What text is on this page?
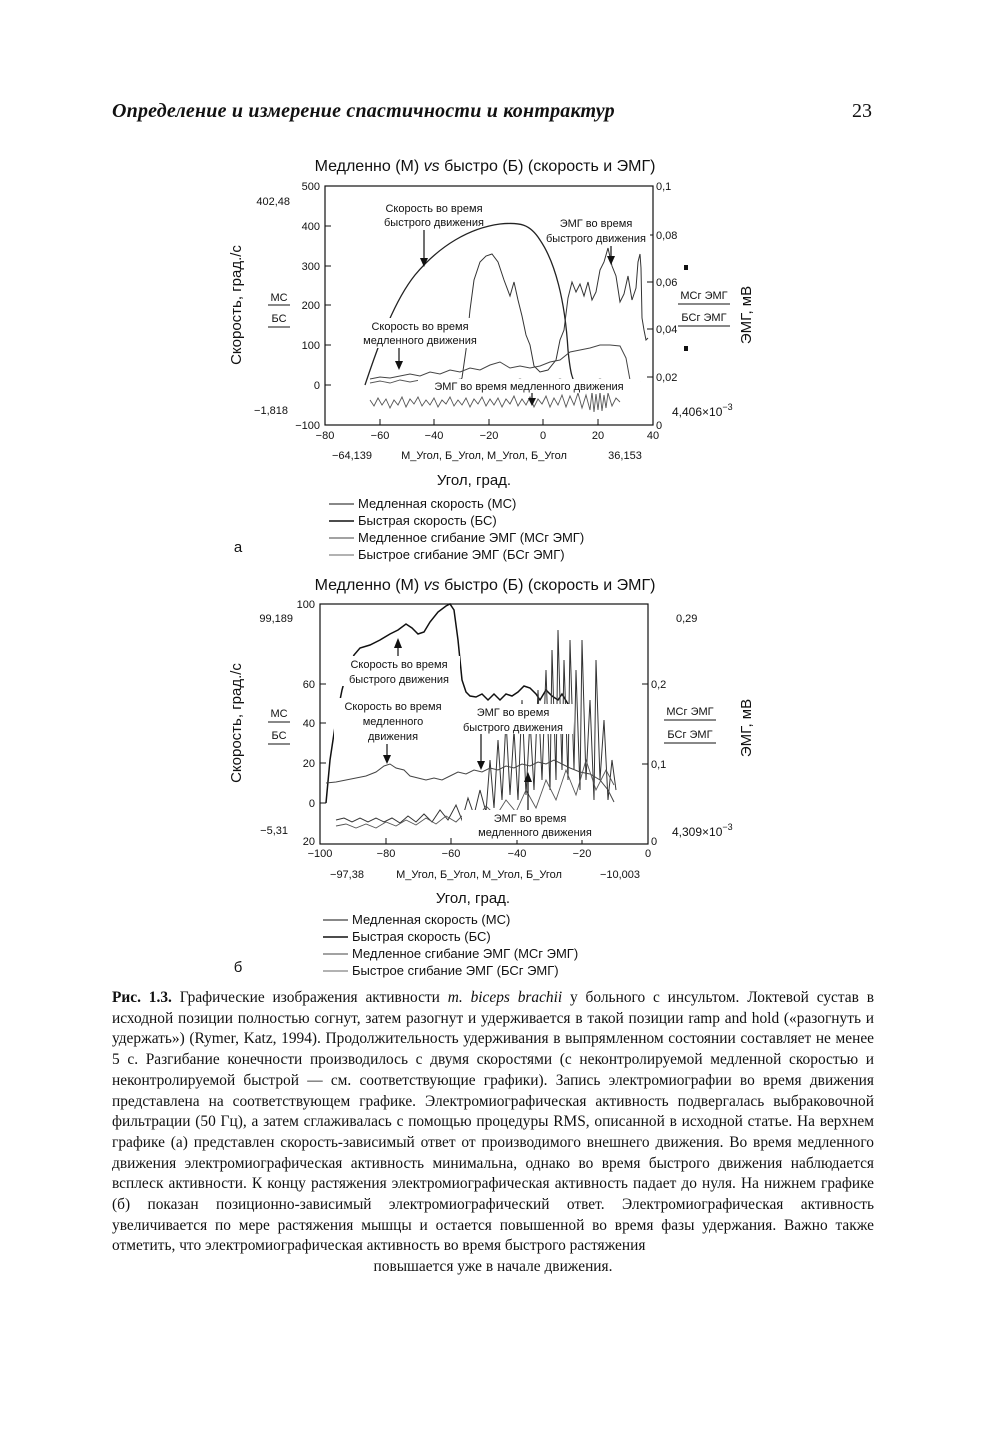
Определение и измерение спастичности и контрактур	23
Медленно (М) vs быстро (Б) (скорость и ЭМГ)
500
400
300
200
100
0
−100
402,48
−1,818
0,1
0,08
0,06
0,04
0,02
0
$4,406\times 10^{-3}$
−80	−60	−40	−20	0	20	40
−64,139	М_Угол, Б_Угол, М_Угол, Б_Угол	36,153
Угол, град.
Скорость, град./с МС
БС	ЭМГ, мВ
МСг ЭМГ
БСг ЭМГ
Скорость во время
быстрого движения	ЭМГ во время
быстрого движения
Скорость во время
медленного движения
ЭМГ во время медленного движения
Медленная скорость (МС)
Быстрая скорость (БС)
Медленное сгибание ЭМГ (МСг ЭМГ)
Быстрое сгибание ЭМГ (БСг ЭМГ)
а
Медленно (М) vs быстро (Б) (скорость и ЭМГ)
100
60
40
20
0
20
99,189
−5,31
0,29
0,2
0,1
0
$4,309\times 10^{-3}$
−100	−80	−60	−40	−20	0
−97,38	М_Угол, Б_Угол, М_Угол, Б_Угол	−10,003
Угол, град.
Скорость, град./с МС
БС	ЭМГ, мВ
МСг ЭМГ
БСг ЭМГ
Скорость во время
быстрого движения
Скорость во время
медленного
движения
ЭМГ во время
быстрого движения
ЭМГ во время
медленного движения
Медленная скорость (МС)
Быстрая скорость (БС)
Медленное сгибание ЭМГ (МСг ЭМГ)
Быстрое сгибание ЭМГ (БСг ЭМГ)
б
Рис. 1.3. Графические изображения активности m. biceps brachii у больного с инсультом. Локтевой сустав в исходной позиции полностью согнут, затем разогнут и удерживается в такой позиции ramp and hold («разогнуть и удержать») (Rymer, Katz, 1994). Продолжительность удерживания в выпрямленном состоянии составляет не менее 5 с. Разгибание конечности производилось с двумя скоростями (с неконтролируемой медленной скоростью и неконтролируемой быстрой — см. соответствующие графики). Запись электромиографии во время движения представлена на соответствующем графике. Электромиографическая активность подвергалась выбраковочной фильтрации (50 Гц), а затем сглаживалась с помощью процедуры RMS, описанной в исходной статье. На верхнем графике (а) представлен скорость-зависимый ответ от производимого внешнего движения. Во время медленного движения электромиографическая активность минимальна, однако во время быстрого движения наблюдается всплеск активности. К концу растяжения электромиографическая активность падает до нуля. На нижнем графике (б) показан позиционно-зависимый электромиографический ответ. Электромиографическая активность увеличивается по мере растяжения мышцы и остается повышенной во время фазы удержания. Важно также отметить, что электромиографическая активность во время быстрого растяжения
повышается уже в начале движения.
